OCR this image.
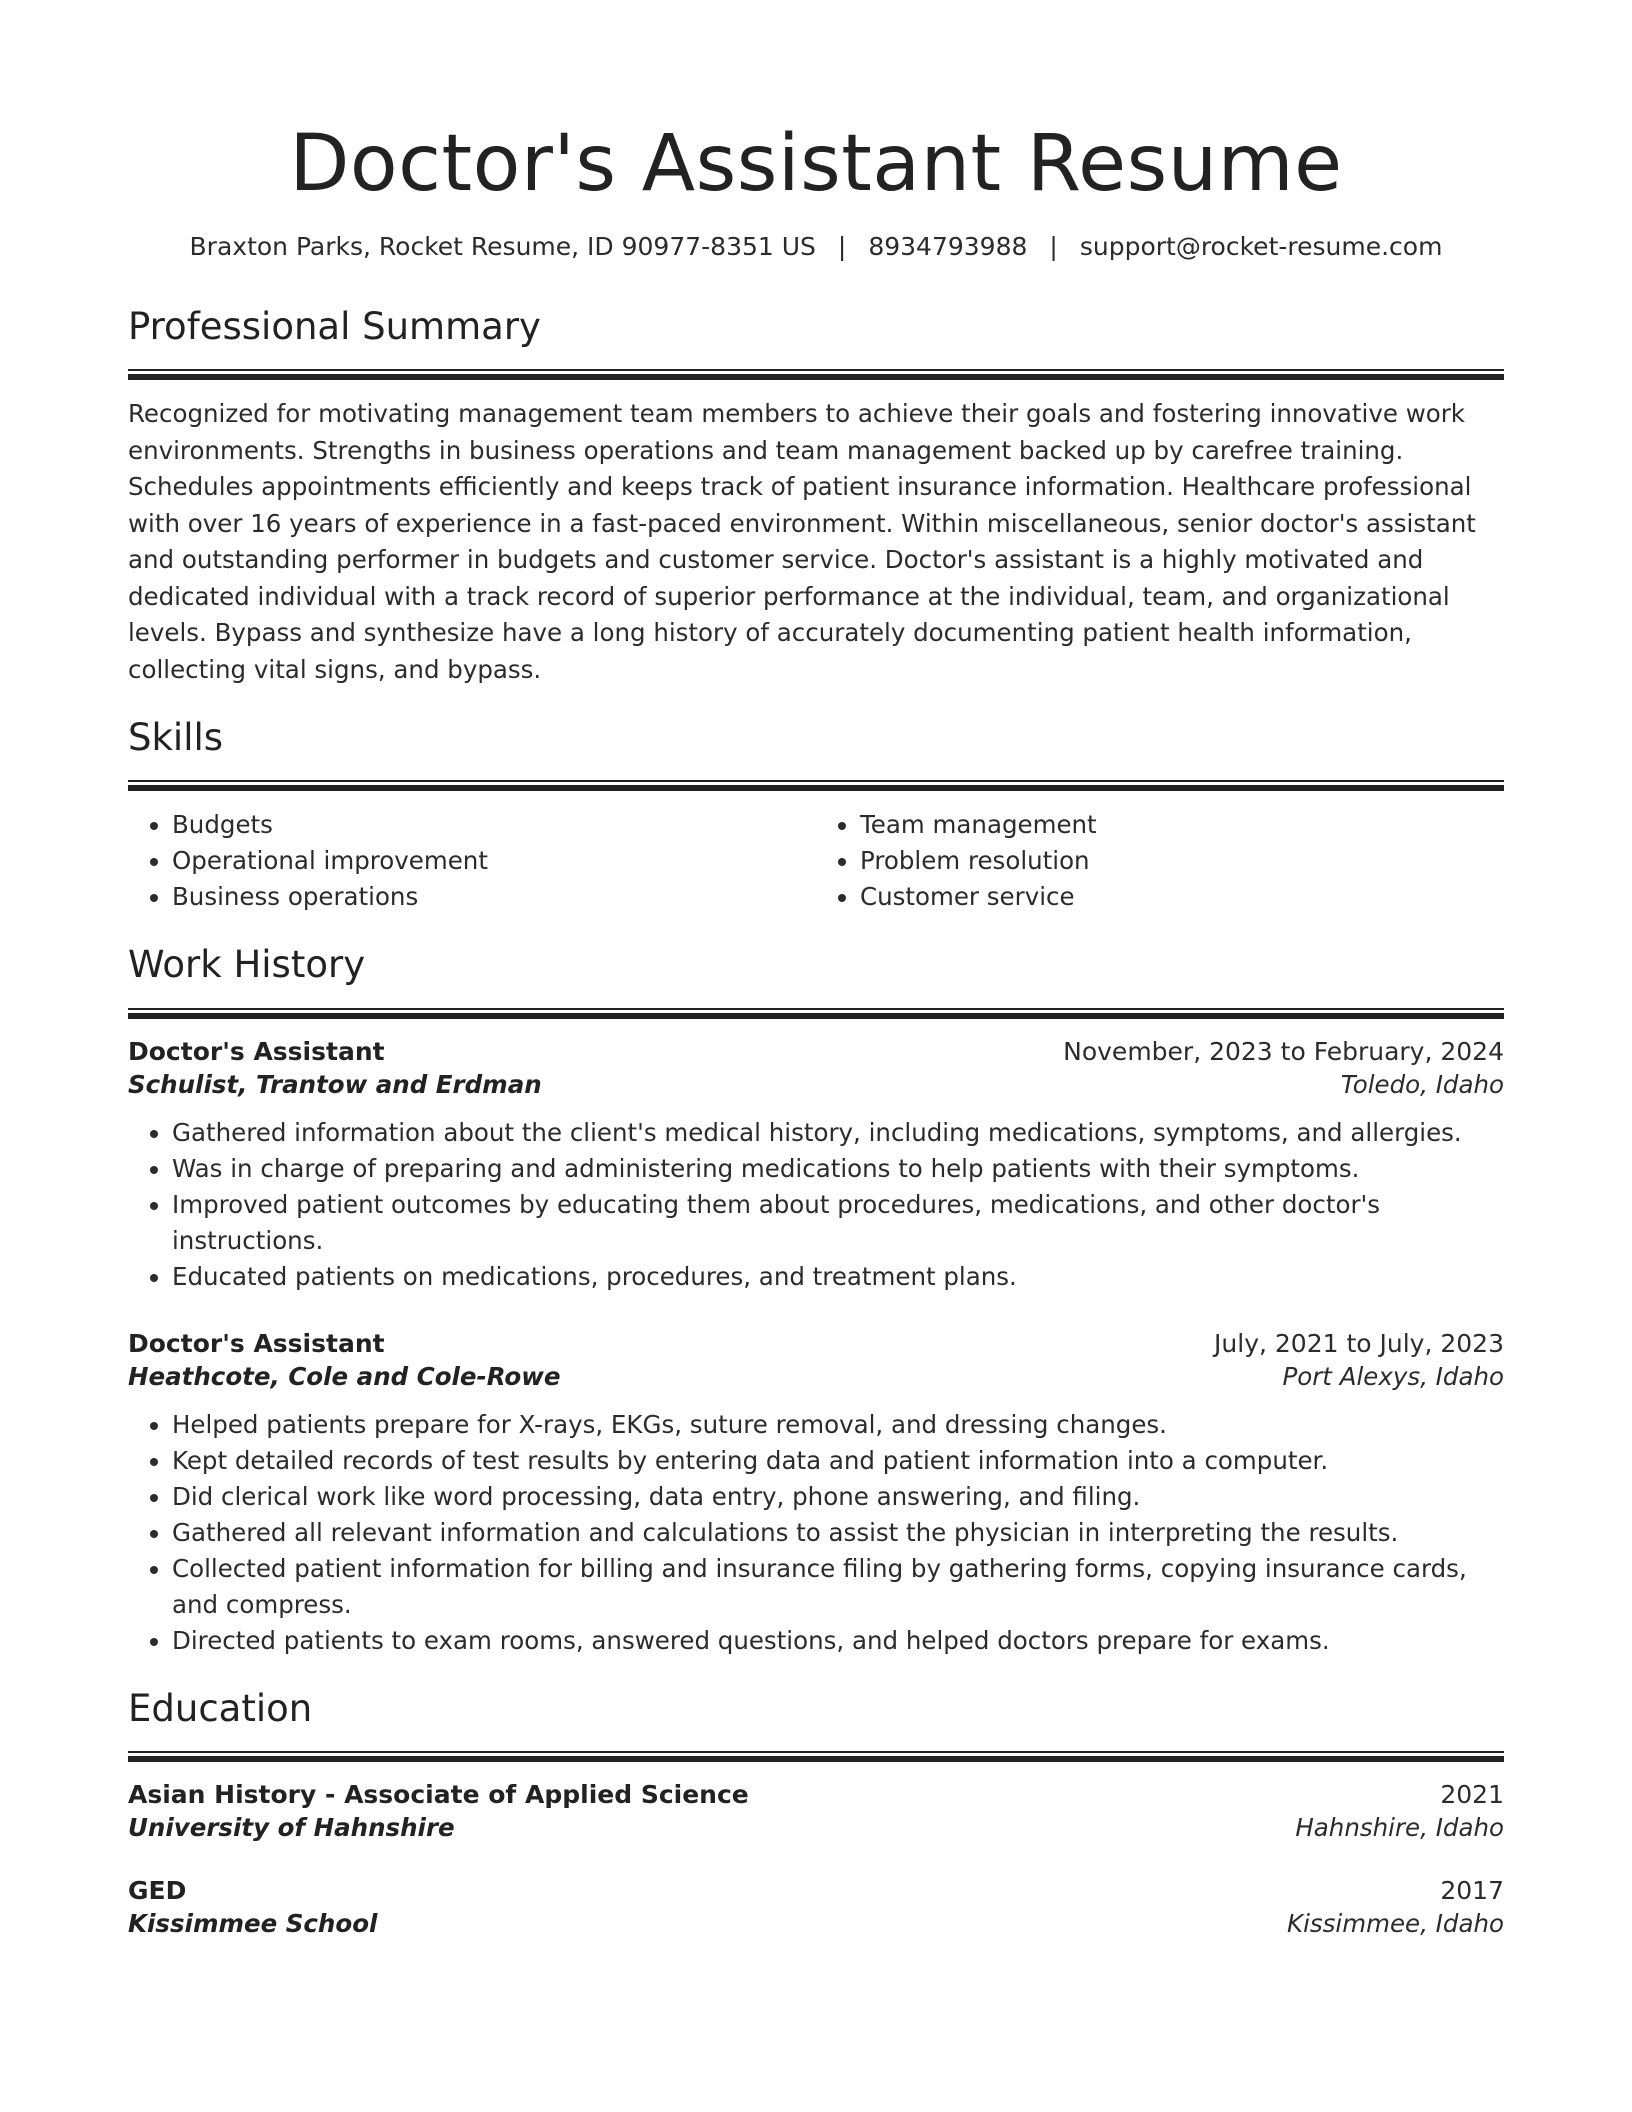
Doctor's Assistant Resume
Braxton Parks, Rocket Resume, ID 90977-8351 US | 8934793988 | support@rocket-resume.com
Professional Summary

Recognized for motivating management team members to achieve their goals and fostering innovative work environments. Strengths in business operations and team management backed up by carefree training. Schedules appointments efficiently and keeps track of patient insurance information. Healthcare professional with over 16 years of experience in a fast-paced environment. Within miscellaneous, senior doctor's assistant and outstanding performer in budgets and customer service. Doctor's assistant is a highly motivated and dedicated individual with a track record of superior performance at the individual, team, and organizational levels. Bypass and synthesize have a long history of accurately documenting patient health information, collecting vital signs, and bypass.

Skills
• Budgets
• Operational improvement
• Business operations
• Team management
• Problem resolution
• Customer service
Work History
Doctor's Assistant	November, 2023 to February, 2024
Schulist, Trantow and Erdman	Toledo, Idaho
• Gathered information about the client's medical history, including medications, symptoms, and allergies.
• Was in charge of preparing and administering medications to help patients with their symptoms.
• Improved patient outcomes by educating them about procedures, medications, and other doctor's instructions.
• Educated patients on medications, procedures, and treatment plans.
Doctor's Assistant	July, 2021 to July, 2023
Heathcote, Cole and Cole-Rowe	Port Alexys, Idaho
• Helped patients prepare for X-rays, EKGs, suture removal, and dressing changes.
• Kept detailed records of test results by entering data and patient information into a computer.
• Did clerical work like word processing, data entry, phone answering, and filing.
• Gathered all relevant information and calculations to assist the physician in interpreting the results.
• Collected patient information for billing and insurance filing by gathering forms, copying insurance cards, and compress.
• Directed patients to exam rooms, answered questions, and helped doctors prepare for exams.
Education
Asian History - Associate of Applied Science	2021
University of Hahnshire	Hahnshire, Idaho
GED	2017
Kissimmee School	Kissimmee, Idaho
